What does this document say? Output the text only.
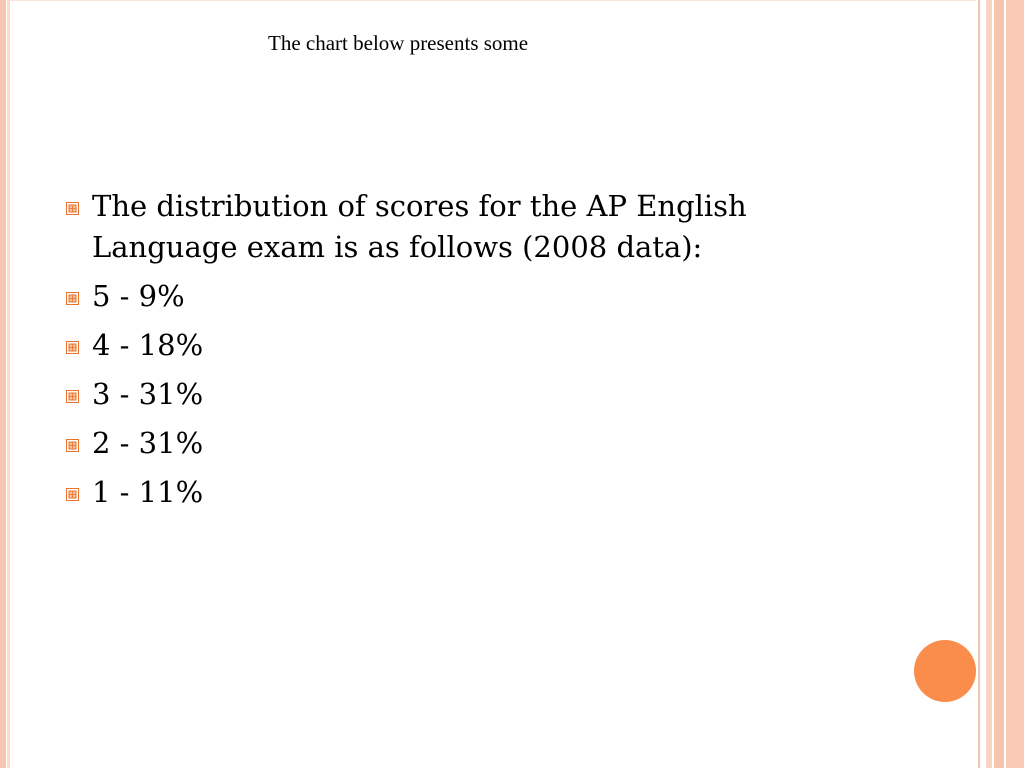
The chart below presents some
The distribution of scores for the AP English Language exam is as follows (2008 data):
5 - 9%
4 - 18%
3 - 31%
2 - 31%
1 - 11%
